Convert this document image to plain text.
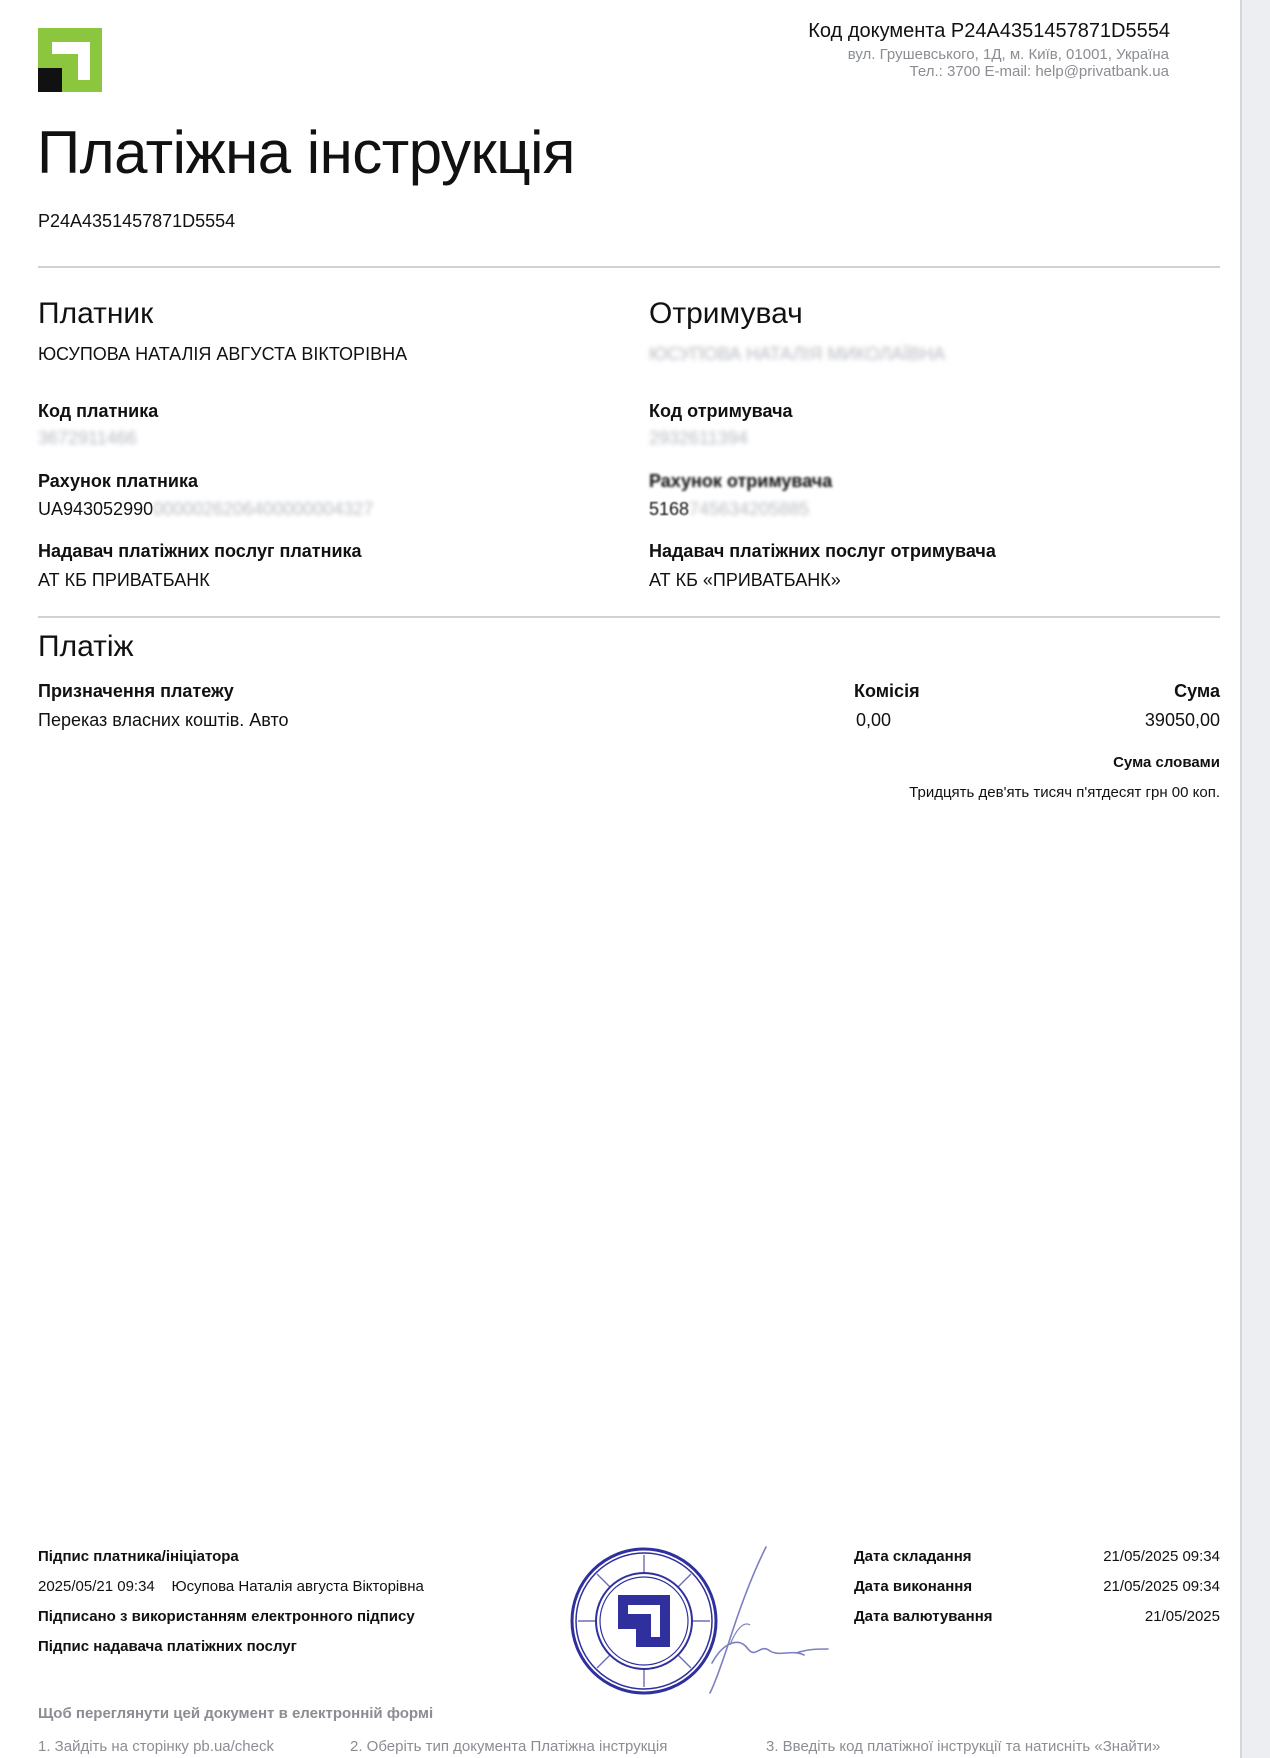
Код документа P24A4351457871D5554
вул. Грушевського, 1Д, м. Київ, 01001, Україна
Тел.: 3700 E-mail: help@privatbank.ua
Платіжна інструкція
P24A4351457871D5554
Платник
ЮСУПОВА НАТАЛІЯ АВГУСТА ВІКТОРІВНА
Код платника
3672911466
Рахунок платника
UA9430529900000026206400000004327
Надавач платіжних послуг платника
АТ КБ ПРИВАТБАНК
Отримувач
ЮСУПОВА НАТАЛІЯ МИКОЛАЇВНА
Код отримувача
2932611394
Рахунок отримувача
5168745634205885
Надавач платіжних послуг отримувача
АТ КБ «ПРИВАТБАНК»
Платіж
Призначення платежу
Переказ власних коштів. Авто
Комісія
0,00
Сума
39050,00
Сума словами
Тридцять дев'ять тисяч п'ятдесят грн 00 коп.
Підпис платника/ініціатора
2025/05/21 09:34    Юсупова Наталія августа Вікторівна
Підписано з використанням електронного підпису
Підпис надавача платіжних послуг
Дата складання	21/05/2025 09:34
Дата виконання	21/05/2025 09:34
Дата валютування	21/05/2025
Щоб переглянути цей документ в електронній формі
1. Зайдіть на сторінку pb.ua/check	2. Оберіть тип документа Платіжна інструкція	3. Введіть код платіжної інструкції та натисніть «Знайти»
